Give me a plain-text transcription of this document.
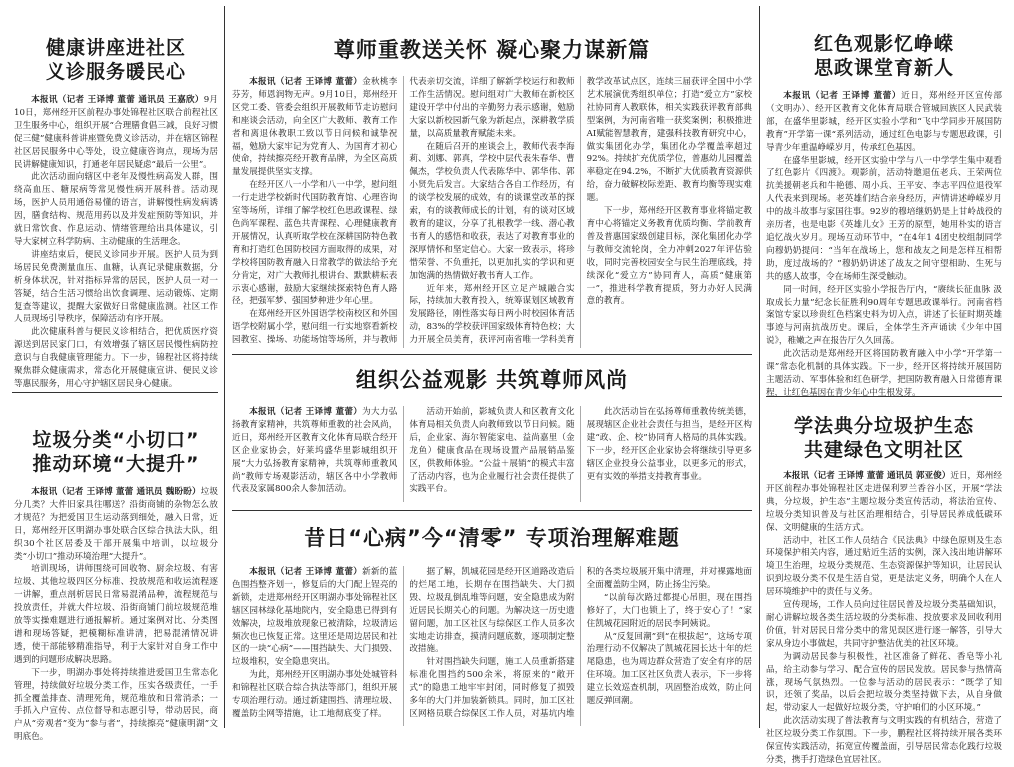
健康讲座进社区
义诊服务暖民心

本报讯（记者 王译博 董蕾 通讯员 王嘉欣）9月10日，郑州经开区前程办事处锦程社区联合前程社区卫生服务中心，组织开展“合理膳食倡三减，良好习惯促三健”健康科普讲座暨免费义诊活动，并在辖区锦程社区居民服务中心等处，设立健康咨询点，现场为居民讲解健康知识，打通老年居民疑虑“最后一公里”。

此次活动面向辖区中老年及慢性病高发人群，围绕高血压、糖尿病等常见慢性病开展科普。活动现场，医护人员用通俗易懂的语言，讲解慢性病发病诱因，膳食结构、规范用药以及并发症预防等知识，并就日常饮食、作息运动、情绪管理给出具体建议，引导大家树立科学防病、主动健康的生活理念。

讲座结束后，便民义诊同步开展。医护人员为到场居民免费测量血压、血糖，认真记录健康数据，分析身体状况，针对指标异常的居民，医护人员一对一答疑，结合生活习惯给出饮食调理、运动锻炼、定期复查等建议，提醒大家做好日常健康监测。社区工作人员现场引导秩序，保障活动有序开展。

此次健康科普与便民义诊相结合，把优质医疗资源送到居民家门口，有效增强了辖区居民慢性病防控意识与自我健康管理能力。下一步，锦程社区将持续聚焦群众健康需求，常态化开展健康宣讲、便民义诊等惠民服务，用心守护辖区居民身心健康。

垃圾分类“小切口”
推动环境“大提升”

本报讯（记者 王译博 董蕾 通讯员 魏盼盼）垃圾分几类？大件旧家具往哪送？沿街商铺的杂物怎么放才规范？为把爱国卫生运动落到细处，融入日常，近日，郑州经开区明湖办事处联合区综合执法大队，组织30个社区居委及干部开展集中培训，以垃圾分类“小切口”推动环境治理“大提升”。

培训现场，讲师围绕可回收物、厨余垃圾、有害垃圾、其他垃圾四区分标准、投放规范和收运流程逐一讲解，重点剖析居民日常易混淆品种，流程规范与投放责任，并就大件垃圾、沿街商铺门前垃圾规范堆放等实操难题进行通报解析。通过案例对比、分类图谱和现场答疑，把模糊标准讲清，把易混淆情况讲透，使干部能够精准指导，利于大家针对自身工作中遇到的问题形成解决思路。

下一步，明湖办事处将持续推进爱国卫生常态化管理，持续做好垃圾分类工作，压实各级责任，一手抓全覆盖排查、清理死角，规范堆放和日常消杀；一手抓入户宣传、点位督导和志愿引导，带动居民，商户从“旁观者”变为“参与者”，持续擦亮“健康明湖”文明底色。

尊师重教送关怀 凝心聚力谋新篇

本报讯（记者 王译博 董蕾）金秋桃李芬芳，师恩润物无声。9月10日，郑州经开区党工委、管委会组织开展教师节走访慰问和座谈会活动，向全区广大教师、教育工作者和离退休教职工致以节日问候和诚挚祝福，勉励大家牢记为党育人、为国育才初心使命，持续擦亮经开教育品牌，为全区高质量发展提供坚实支撑。

在经开区八一小学和八一中学，慰问组一行走进学校新时代国防教育馆、心理咨询室等场所，详细了解学校红色思政课程、绿色尚军课程、蓝色共青课程、心理健康教育开展情况，认真听取学校在深耕国防特色教育和打造红色国防校园方面取得的成果，对学校将国防教育融入日常教学的做法给予充分肯定，对广大教师扎根讲台、默默耕耘表示衷心感谢，鼓励大家继续探索特色育人路径，把强军梦、强国梦种进少年心里。

在郑州经开区外国语学校南校区和外国语学校附属小学，慰问组一行实地察看新校园教室、操场、功能场馆等场所，并与教师代表亲切交流，详细了解新学校运行和教师工作生活情况。慰问组对广大教师在新校区建设开学中付出的辛勤努力表示感谢，勉励大家以新校园新气象为新起点，深耕教学质量，以高质量教育赋能未来。

在随后召开的座谈会上，教师代表李海莉、刘娜、郭真，学校中层代表朱春华、曹佩杰，学校负责人代表陈华中、郭华伟、郭小贤先后发言。大家结合各自工作经历，有的谈学校发展的成效，有的谈课堂改革的探索，有的谈教师成长的计划，有的谈对区域教育的建议，分享了扎根教学一线、潜心教书育人的感悟和收获，表达了对教育事业的深厚情怀和坚定信心。大家一致表示，将珍惜荣誉、不负重托，以更加扎实的学识和更加饱满的热情做好教书育人工作。

近年来，郑州经开区立足产城融合实际，持续加大教育投入，统筹谋划区域教育发展路径，刚性落实每日两小时校园体育活动，83%的学校获评国家级体育特色校；大力开展全员美育，获评河南省唯一学科美育教学改革试点区，连续三届获评全国中小学艺术展演优秀组织单位；打造“爱立方”家校社协同育人教联体，相关实践获评教育部典型案例，为河南省唯一获奖案例；积极推进AI赋能智慧教育，建强科技教育研究中心，做实集团化办学，集团化办学覆盖率超过92%。持续扩充优质学位，普惠幼儿园覆盖率稳定在94.2%，不断扩大优质教育资源供给，奋力破解校际差距、教育均衡等现实难题。

下一步，郑州经开区教育事业将锚定教育中心将锚定义务教育优质均衡、学前教育普及普惠国家级创建目标，深化集团化办学与教师交流轮岗，全力冲刺2027年评估验收，同时完善校园安全与民生治理底线，持续深化“爱立方”协同育人，高质“健康第一”，推进科学教育提质，努力办好人民满意的教育。

组织公益观影 共筑尊师风尚

本报讯（记者 王译博 董蕾）为大力弘扬教育家精神，共筑尊师重教的社会风尚，近日，郑州经开区教育文化体育局联合经开区企业家协会，好莱坞盛华里影城组织开展“大力弘扬教育家精神，共筑尊师重教风尚”教师专场观影活动，辖区各中小学教师代表及家属800余人参加活动。

活动开始前，影城负责人和区教育文化体育局相关负责人向教师致以节日问候。随后，企业家、海尔智能家电、益尚嘉里（金龙鱼）健康食品在现场设置产品展销品鉴区，供教师体验。“公益＋展销”的模式丰富了活动内容，也为企业履行社会责任提供了实践平台。

此次活动旨在弘扬尊师重教传统美德，展现辖区企业社会责任与担当，是经开区构建“政、企、校”协同育人格局的具体实践。下一步，经开区企业家协会将继续引导更多辖区企业投身公益事业，以更多元的形式，更有实效的举措支持教育事业。

昔日“心病”今“清零” 专项治理解难题

本报讯（记者 王译博 董蕾）新新的蓝色围挡整齐划一，修复后的大门配上锃亮的新锁，走进郑州经开区明湖办事处锦程社区辖区园林绿化基地院内，安全隐患已得到有效解决，垃圾堆放现象已被清除，垃圾清运频次也已恢复正常。这里还是周边居民和社区的一块“心病”——围挡缺失、大门损毁、垃圾堆积，安全隐患突出。

为此，郑州经开区明湖办事处处城管科和锦程社区联合综合执法等部门，组织开展专项治理行动。通过新建围挡、清理垃圾、覆盖防尘网等措施，让工地彻底变了样。

据了解，凯城花园是经开区道路改造后的烂尾工地，长期存在围挡缺失、大门损毁、垃圾乱倒乱堆等问题，安全隐患成为附近居民长期关心的问题。为解决这一历史遗留问题，加工区社区与综保区工作人员多次实地走访排查，摸清问题底数，逐项制定整改措施。

针对围挡缺失问题，施工人员重新搭建标准化围挡约500余米，将原来的“敞开式”的隐患工地牢牢封闭，同时修复了损毁多年的大门并加装新锁具。同时，加工区社区网格员联合综保区工作人员，对基坑内堆积的各类垃圾展开集中清理，并对裸露地面全面覆盖防尘网，防止扬尘污染。

“以前每次路过都提心吊胆，现在围挡修好了，大门也锁上了，终于安心了！”家住凯城花园附近的居民李阿姨说。

从“反复回潮”到“在根拔起”，这场专项治理行动不仅解决了凯城花园长达十年的烂尾隐患，也为周边群众营造了安全有序的居住环境。加工区社区负责人表示，下一步将建立长效巡查机制，巩固整治成效，防止问题反弹回潮。

红色观影忆峥嵘
思政课堂育新人

本报讯（记者 王译博 董蕾）近日，郑州经开区宣传部（文明办）、经开区教育文化体育局联合管城回族区人民武装部，在盛华里影城，经开区实验小学和“飞中学同步开展国防教育”开学第一课“系列活动，通过红色电影与专题思政课，引导青少年重温峥嵘岁月，传承红色基因。

在盛华里影城，经开区实验中学与八一中学学生集中观看了红色影片《四渡》。观影前，活动特邀退伍老兵、王荣两位抗美援朝老兵和牛艳德、周小兵、王平安、李志平四位退役军人代表来到现场。老英雄们结合亲身经历，声情讲述峥嵘岁月中的战斗故事与家国往事。92岁的穆培继奶奶是上甘岭战役的亲历者，也是电影《英雄儿女》王芳的原型，她用朴实的语言追忆战火岁月。现场互动环节中，“在4年1 4团史校组制同学向穆奶奶提问：“当年在战场上，您和战友之间是怎样互相帮助，度过战场的？”穆奶奶讲述了战友之间守望相助、生死与共的感人故事，令在场师生深受触动。

同一时间，经开区实验小学报告厅内，“赓续长征血脉 汲取成长力量”纪念长征胜利90周年专题思政课举行。河南省档案馆专家以珍贵红色档案史料为切入点，讲述了长征时期英雄事迹与河南抗战历史。课后，全体学生齐声诵读《少年中国说》，稚嫩之声在报告厅久久回荡。

此次活动是郑州经开区将国防教育融入中小学“开学第一课”常态化机制的具体实践。下一步，经开区将持续开展国防主题活动、军事体验和红色研学，把国防教育融入日常德育课程，让红色基因在青少年心中生根发芽。

学法典分垃圾护生态
共建绿色文明社区

本报讯（记者 王译博 董蕾 通讯员 郭亚俊）近日，郑州经开区前程办事处锦程社区走进保利罗兰香谷小区，开展“学法典，分垃圾，护生态”主题垃圾分类宣传活动，将法治宣传、垃圾分类知识普及与社区治理相结合，引导居民养成低碳环保、文明健康的生活方式。

活动中，社区工作人员结合《民法典》中绿色原则及生态环境保护相关内容，通过贴近生活的实例，深入浅出地讲解环境卫生治理，垃圾分类规范、生态资源保护等知识，让居民认识到垃圾分类不仅是生活自觉，更是法定义务，明确个人在人居环境维护中的责任与义务。

宣传现场，工作人员向过往居民普及垃圾分类基础知识，耐心讲解垃圾各类生活垃圾的分类标准、投放要求及回收利用价值，针对居民日常分类中的常见误区进行逐一解答，引导大家从身边小事做起，共同守护整洁优美的社区环境。

为调动居民参与积极性，社区准备了鲜花、香皂等小礼品，给主动参与学习、配合宣传的居民发放。居民参与热情高涨，现场气氛热烈。一位参与活动的居民表示：“既学了知识，还领了奖品，以后会把垃圾分类坚持做下去，从自身做起，带动家人一起做好垃圾分类，守护咱们的小区环境。”

此次活动实现了普法教育与文明实践的有机结合，营造了社区垃圾分类工作氛围。下一步，鹏程社区将持续开展各类环保宣传实践活动，拓宽宣传覆盖面，引导居民常态化践行垃圾分类，携手打造绿色宜居社区。
